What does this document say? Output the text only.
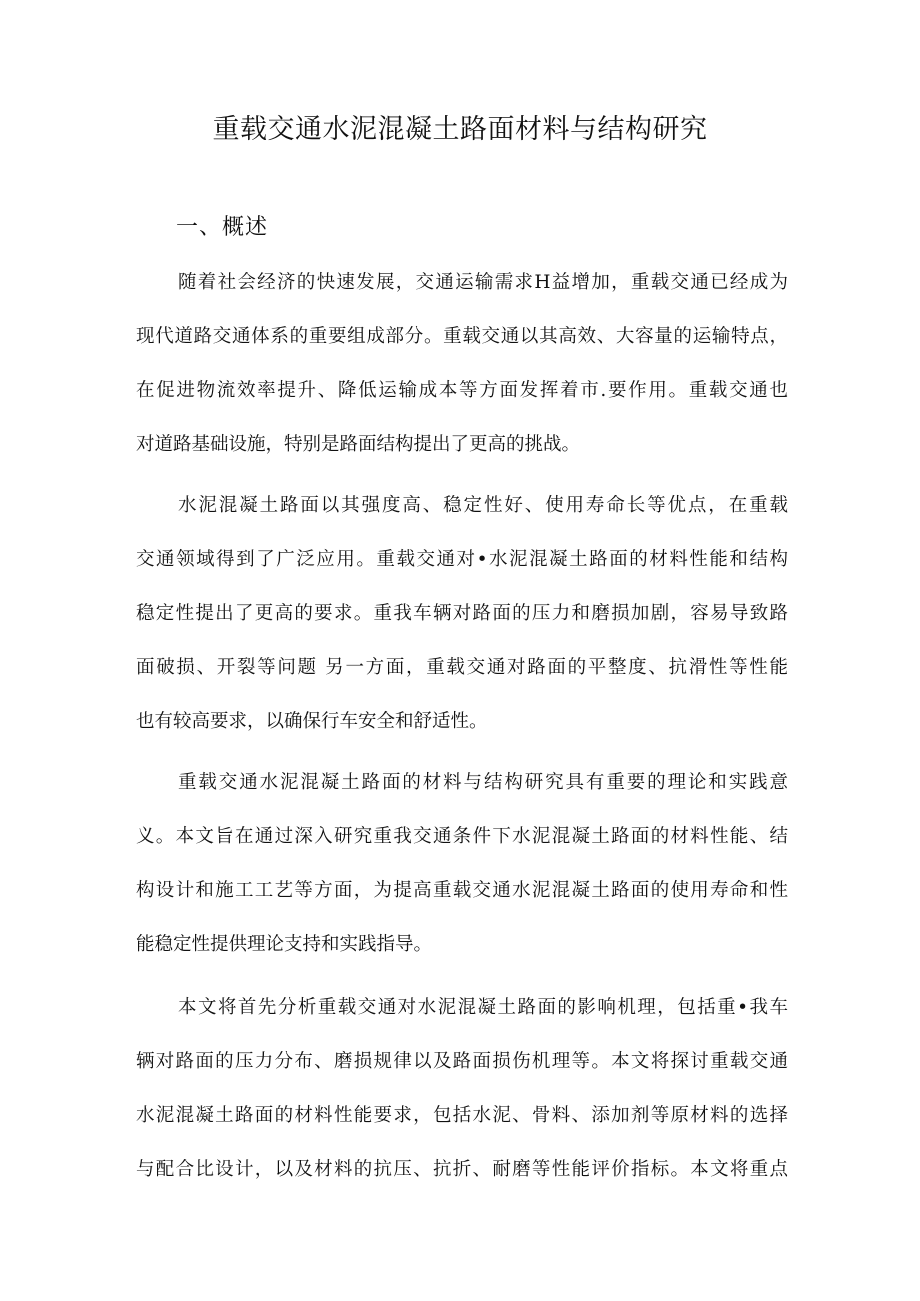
重载交通水泥混凝土路面材料与结构研究
一、概述
随着社会经济的快速发展，交通运输需求H益增加，重载交通已经成为
现代道路交通体系的重要组成部分。重载交通以其高效、大容量的运输特点，
在促进物流效率提升、降低运输成本等方面发挥着市.要作用。重载交通也
对道路基础设施，特别是路面结构提出了更高的挑战。
水泥混凝土路面以其强度高、稳定性好、使用寿命长等优点，在重载
交通领域得到了广泛应用。重载交通对•水泥混凝土路面的材料性能和结构
稳定性提出了更高的要求。重我车辆对路面的压力和磨损加剧，容易导致路
面破损、开裂等问题 另一方面，重载交通对路面的平整度、抗滑性等性能
也有较高要求，以确保行车安全和舒适性。
重载交通水泥混凝土路面的材料与结构研究具有重要的理论和实践意
义。本文旨在通过深入研究重我交通条件下水泥混凝土路面的材料性能、结
构设计和施工工艺等方面，为提高重载交通水泥混凝土路面的使用寿命和性
能稳定性提供理论支持和实践指导。
本文将首先分析重载交通对水泥混凝土路面的影响机理，包括重•我车
辆对路面的压力分布、磨损规律以及路面损伤机理等。本文将探讨重载交通
水泥混凝土路面的材料性能要求，包括水泥、骨料、添加剂等原材料的选择
与配合比设计，以及材料的抗压、抗折、耐磨等性能评价指标。本文将重点
